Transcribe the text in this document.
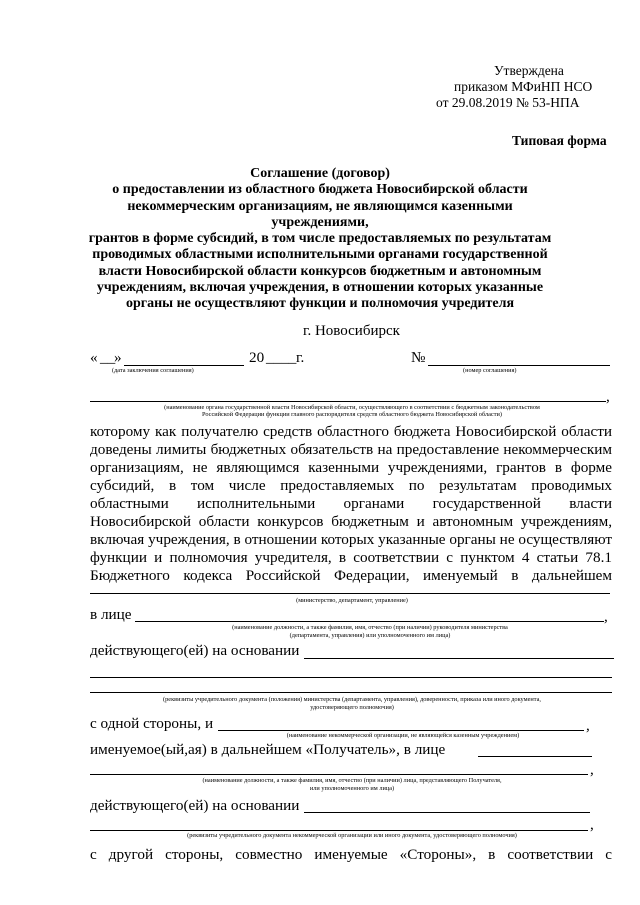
Утверждена
приказом МФиНП НСО
от 29.08.2019 № 53-НПА
Типовая форма
Соглашение (договор)
о предоставлении из областного бюджета Новосибирской области
некоммерческим организациям, не являющимся казенными учреждениями,
грантов в форме субсидий, в том числе предоставляемых по результатам
проводимых областными исполнительными органами государственной
власти Новосибирской области конкурсов бюджетным и автономным
учреждениям, включая учреждения, в отношении которых указанные
органы не осуществляют функции и полномочия учредителя
г. Новосибирск
« __
»	20 ____ г.
(дата заключения соглашения)
№
(номер соглашения)
,
(наименование органа государственной власти Новосибирской области, осуществляющего в соответствии с бюджетным законодательством
Российской Федерации функции главного распорядителя средств областного бюджета Новосибирской области)
которому как получателю средств областного бюджета Новосибирской области
доведены лимиты бюджетных обязательств на предоставление некоммерческим
организациям, не являющимся казенными учреждениями, грантов в форме
субсидий, в том числе предоставляемых по результатам проводимых
областными исполнительными органами государственной власти
Новосибирской области конкурсов бюджетным и автономным учреждениям,
включая учреждения, в отношении которых указанные органы не осуществляют
функции и полномочия учредителя, в соответствии с пунктом 4 статьи 78.1
Бюджетного кодекса Российской Федерации, именуемый в дальнейшем
(министерство, департамент, управление)
в лице	,
(наименование должности, а также фамилия, имя, отчество (при наличии) руководителя министерства
(департамента, управления) или уполномоченного им лица)
действующего(ей) на основании
(реквизиты учредительного документа (положения) министерства (департамента, управления), доверенности, приказа или иного документа,
удостоверяющего полномочия)
с одной стороны, и	,
(наименование некоммерческой организации, не являющейся казенным учреждением)
именуемое(ый,ая) в дальнейшем «Получатель», в лице
,
(наименование должности, а также фамилия, имя, отчество (при наличии) лица, представляющего Получателя,
или уполномоченного им лица)
действующего(ей) на основании
,
(реквизиты учредительного документа некоммерческой организации или иного документа, удостоверяющего полномочия)
с другой стороны, совместно именуемые «Стороны», в соответствии с
